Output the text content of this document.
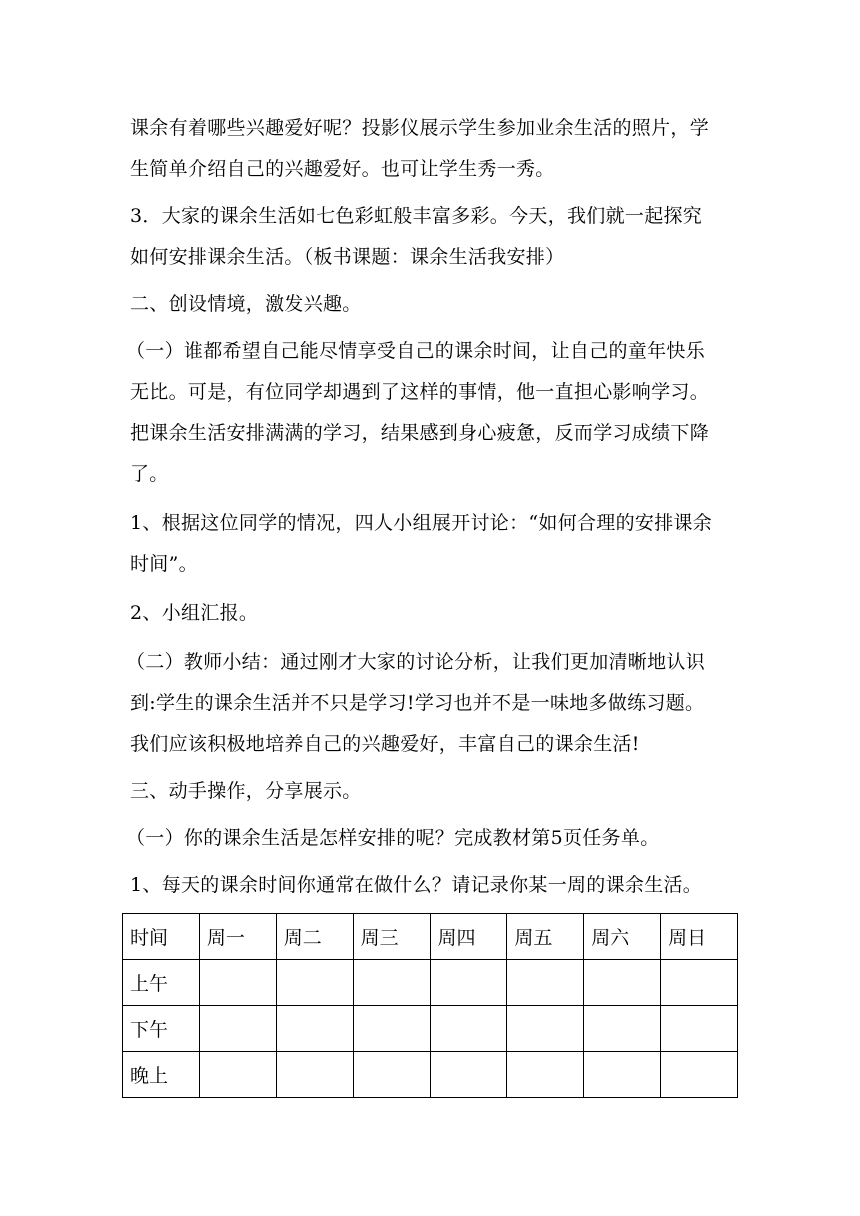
课余有着哪些兴趣爱好呢？投影仪展示学生参加业余生活的照片，学

生简单介绍自己的兴趣爱好。也可让学生秀一秀。

3．大家的课余生活如七色彩虹般丰富多彩。今天，我们就一起探究

如何安排课余生活。（板书课题：课余生活我安排）

二、创设情境，激发兴趣。

（一）谁都希望自己能尽情享受自己的课余时间，让自己的童年快乐

无比。可是，有位同学却遇到了这样的事情，他一直担心影响学习。

把课余生活安排满满的学习，结果感到身心疲惫，反而学习成绩下降

了。

1、根据这位同学的情况，四人小组展开讨论：“如何合理的安排课余

时间”。

2、小组汇报。

（二）教师小结：通过刚才大家的讨论分析，让我们更加清晰地认识

到:学生的课余生活并不只是学习!学习也并不是一味地多做练习题。

我们应该积极地培养自己的兴趣爱好，丰富自己的课余生活!

三、动手操作，分享展示。

（一）你的课余生活是怎样安排的呢？完成教材第5页任务单。

1、每天的课余时间你通常在做什么？请记录你某一周的课余生活。

时间	周一	周二	周三	周四	周五	周六	周日
上午							
下午							
晚上							
